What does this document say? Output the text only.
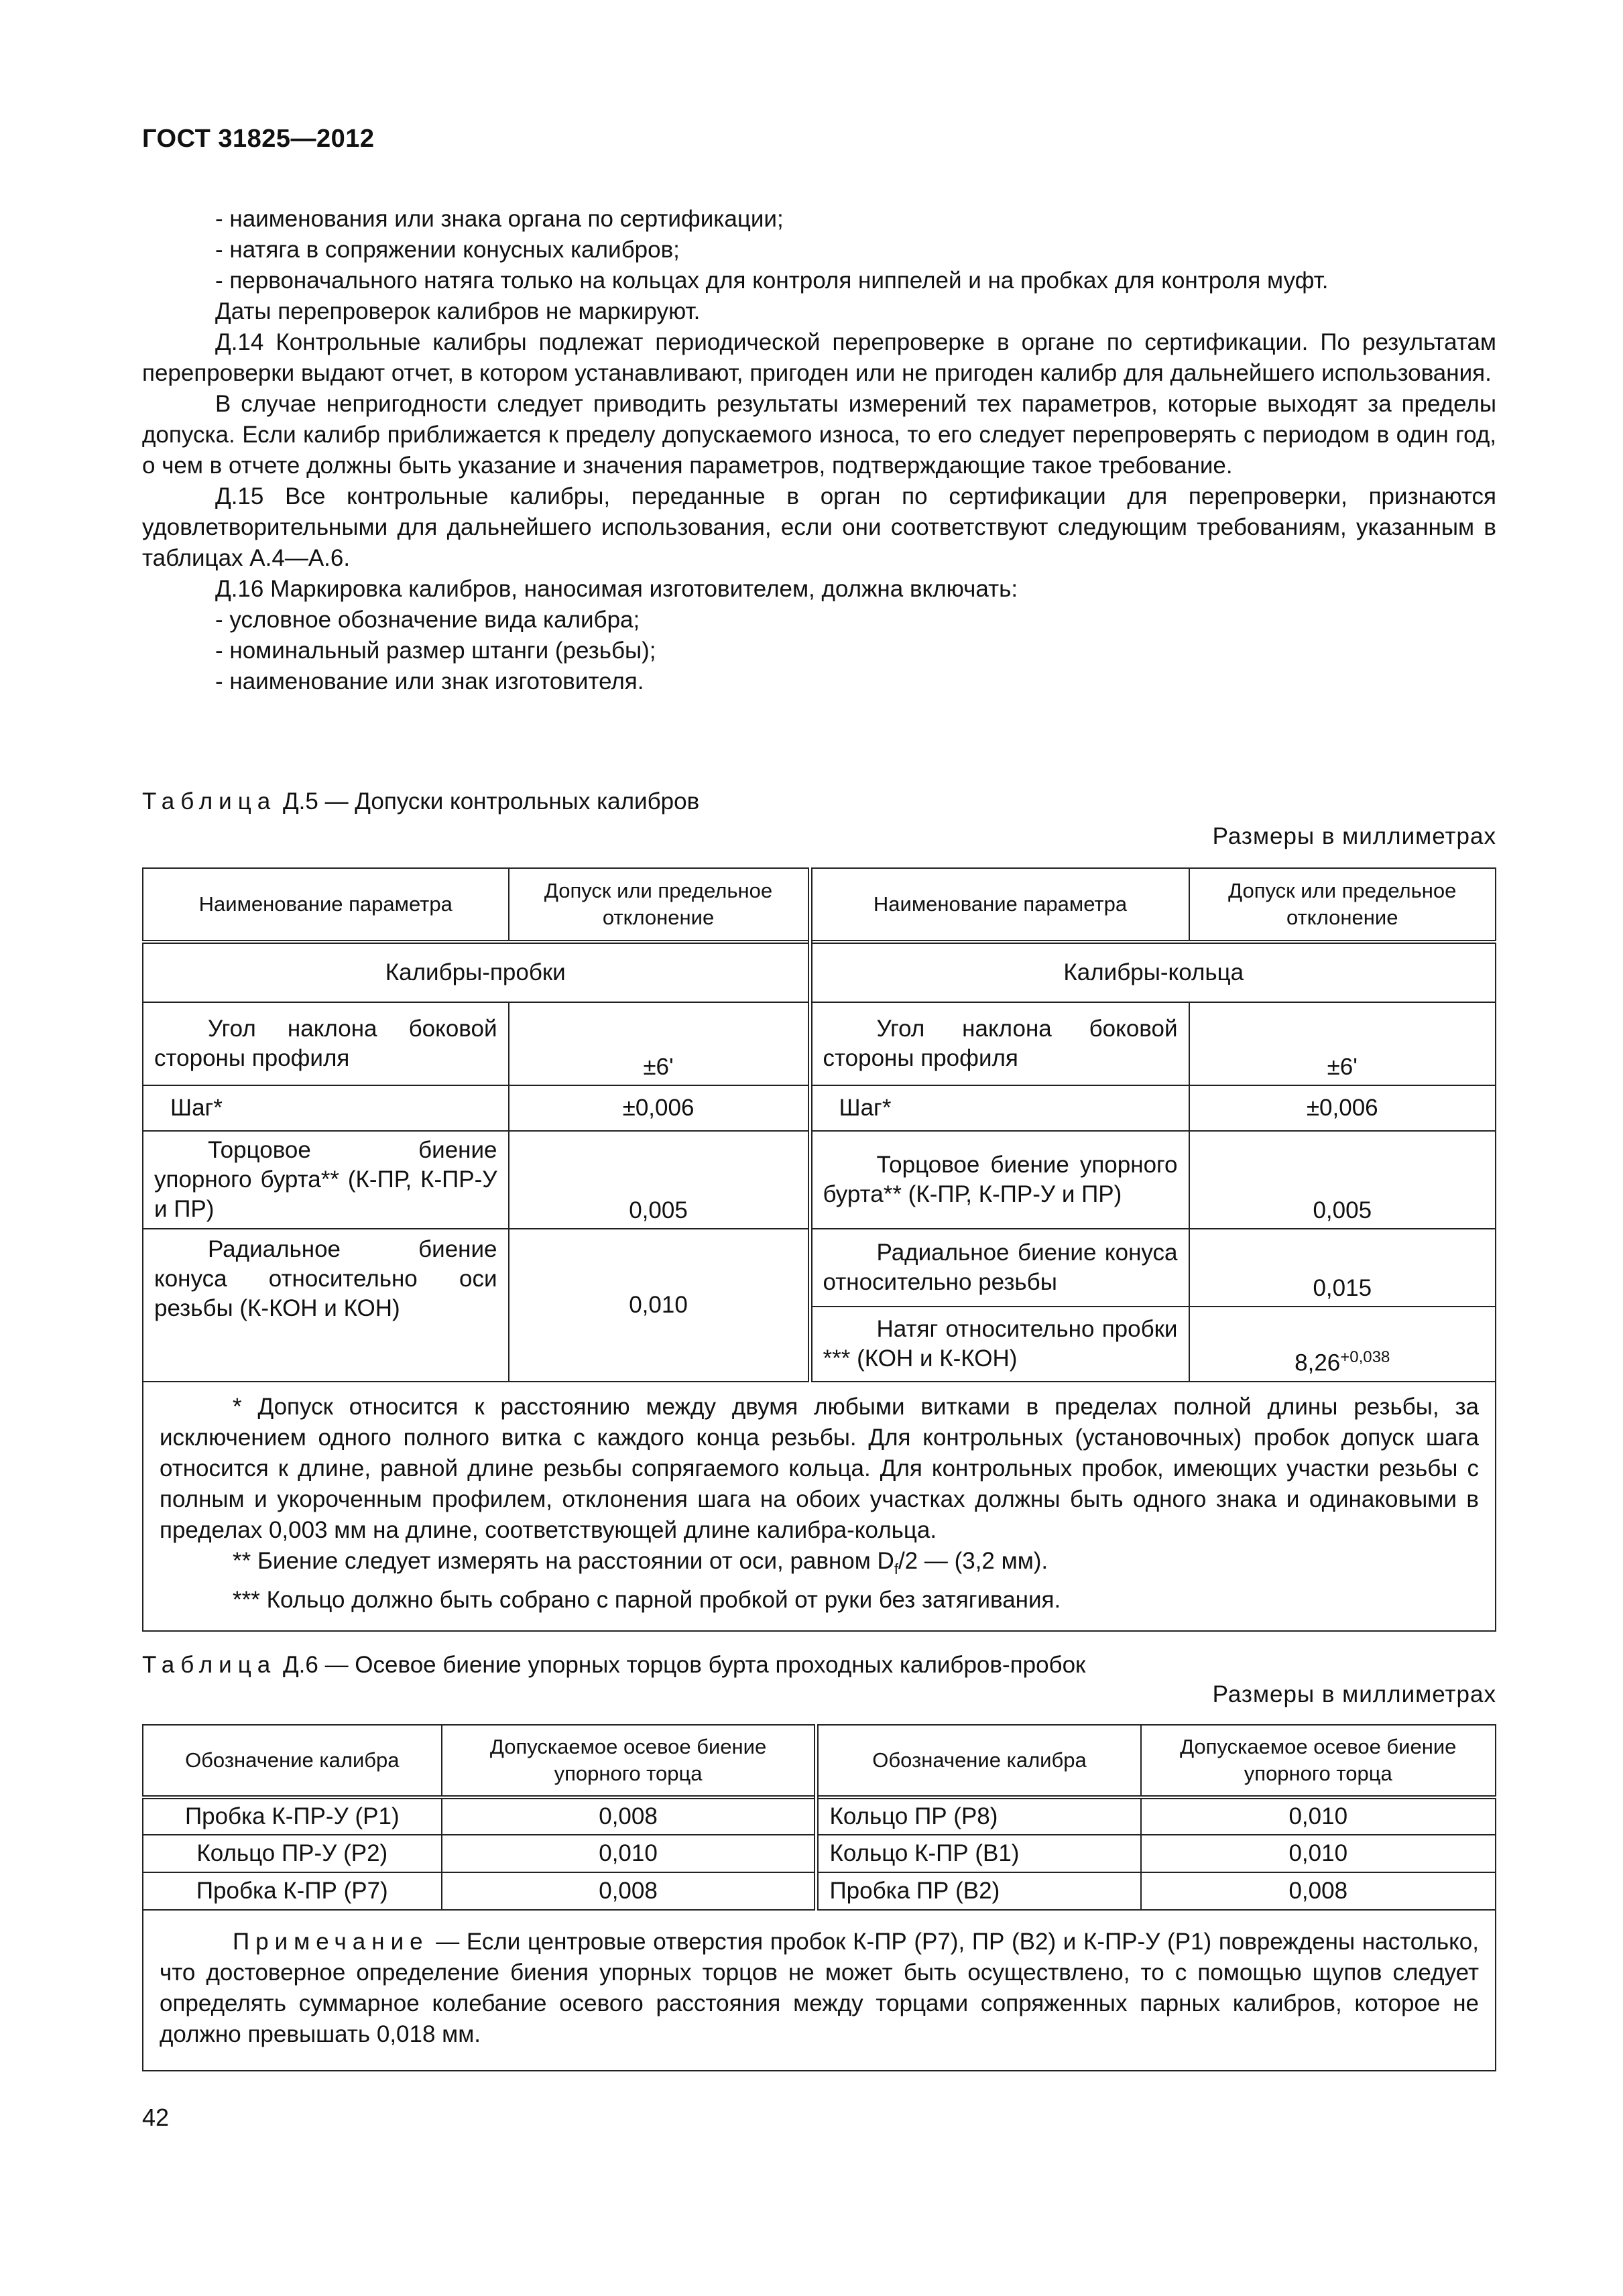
ГОСТ 31825—2012

- наименования или знака органа по сертификации;

- натяга в сопряжении конусных калибров;

- первоначального натяга только на кольцах для контроля ниппелей и на пробках для контроля муфт.

Даты перепроверок калибров не маркируют.

Д.14 Контрольные калибры подлежат периодической перепроверке в органе по сертификации. По результатам перепроверки выдают отчет, в котором устанавливают, пригоден или не пригоден калибр для дальнейшего использования.

В случае непригодности следует приводить результаты измерений тех параметров, которые выходят за пределы допуска. Если калибр приближается к пределу допускаемого износа, то его следует перепроверять с периодом в один год, о чем в отчете должны быть указание и значения параметров, подтверждающие такое требование.

Д.15 Все контрольные калибры, переданные в орган по сертификации для перепроверки, признаются удовлетворительными для дальнейшего использования, если они соответствуют следующим требованиям, указанным в таблицах А.4—А.6.

Д.16 Маркировка калибров, наносимая изготовителем, должна включать:

- условное обозначение вида калибра;

- номинальный размер штанги (резьбы);

- наименование или знак изготовителя.

Таблица Д.5 — Допуски контрольных калибров
Размеры в миллиметрах
Наименование параметра	Допуск или предельное отклонение	Наименование параметра	Допуск или предельное отклонение
Калибры-пробки		Калибры-кольца	
Угол наклона боковой стороны профиля	±6'	Угол наклона боковой стороны профиля	±6'
Шаг*	±0,006	Шаг*	±0,006
Торцовое биение упорного бурта** (К-ПР, К-ПР-У и ПР)	0,005	Торцовое биение упорного бурта** (К-ПР, К-ПР-У и ПР)	0,005
Радиальное биение конуса относительно оси резьбы (К-КОН и КОН)	0,010	Радиальное биение конуса относительно резьбы	0,015
		Натяг относительно пробки *** (КОН и К-КОН)	$8,26^{+0,038}$

* Допуск относится к расстоянию между двумя любыми витками в пределах полной длины резьбы, за исключением одного полного витка с каждого конца резьбы. Для контрольных (установочных) пробок допуск шага относится к длине, равной длине резьбы сопрягаемого кольца. Для контрольных пробок, имеющих участки резьбы с полным и укороченным профилем, отклонения шага на обоих участках должны быть одного знака и одинаковыми в пределах 0,003 мм на длине, соответствующей длине калибра-кольца.

** Биение следует измерять на расстоянии от оси, равном $D_f/2$ — (3,2 мм).

*** Кольцо должно быть собрано с парной пробкой от руки без затягивания.			

Таблица Д.6 — Осевое биение упорных торцов бурта проходных калибров-пробок
Размеры в миллиметрах
Обозначение калибра	Допускаемое осевое биение упорного торца	Обозначение калибра	Допускаемое осевое биение упорного торца
Пробка К-ПР-У (Р1)	0,008	Кольцо ПР (Р8)	0,010
Кольцо ПР-У (Р2)	0,010	Кольцо К-ПР (В1)	0,010
Пробка К-ПР (Р7)	0,008	Пробка ПР (В2)	0,008

Примечание — Если центровые отверстия пробок К-ПР (Р7), ПР (В2) и К-ПР-У (Р1) повреждены настолько, что достоверное определение биения упорных торцов не может быть осуществлено, то с помощью щупов следует определять суммарное колебание осевого расстояния между торцами сопряженных парных калибров, которое не должно превышать 0,018 мм.			

42
